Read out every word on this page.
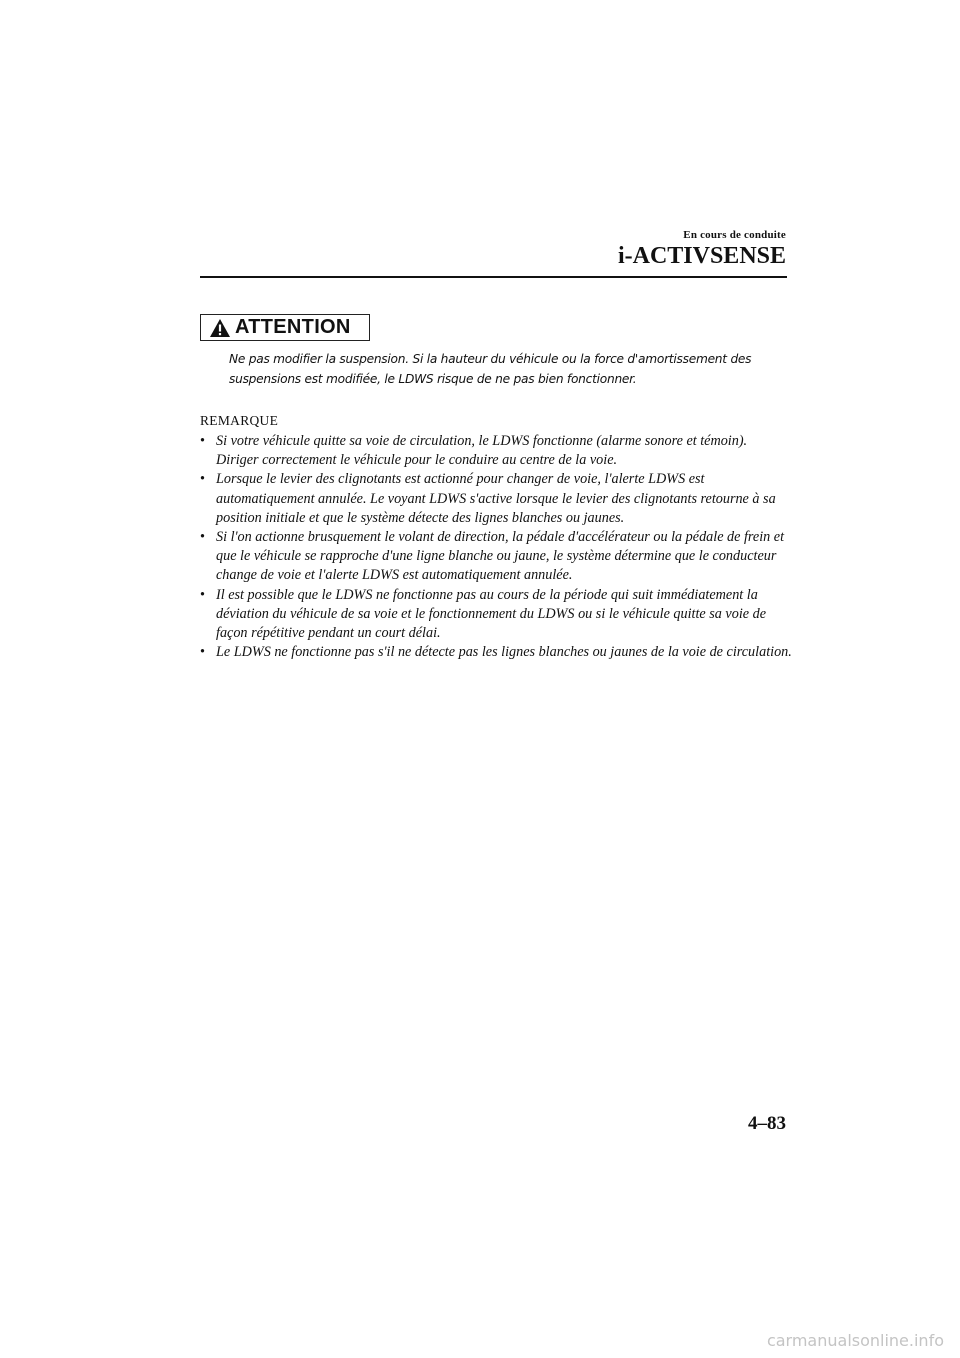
En cours de conduite
i-ACTIVSENSE
ATTENTION
Ne pas modifier la suspension. Si la hauteur du véhicule ou la force d'amortissement des suspensions est modifiée, le LDWS risque de ne pas bien fonctionner.
REMARQUE
• Si votre véhicule quitte sa voie de circulation, le LDWS fonctionne (alarme sonore et témoin). Diriger correctement le véhicule pour le conduire au centre de la voie.
• Lorsque le levier des clignotants est actionné pour changer de voie, l'alerte LDWS est automatiquement annulée. Le voyant LDWS s'active lorsque le levier des clignotants retourne à sa position initiale et que le système détecte des lignes blanches ou jaunes.
• Si l'on actionne brusquement le volant de direction, la pédale d'accélérateur ou la pédale de frein et que le véhicule se rapproche d'une ligne blanche ou jaune, le système détermine que le conducteur change de voie et l'alerte LDWS est automatiquement annulée.
• Il est possible que le LDWS ne fonctionne pas au cours de la période qui suit immédiatement la déviation du véhicule de sa voie et le fonctionnement du LDWS ou si le véhicule quitte sa voie de façon répétitive pendant un court délai.
• Le LDWS ne fonctionne pas s'il ne détecte pas les lignes blanches ou jaunes de la voie de circulation.
4–83
carmanualsonline.info
